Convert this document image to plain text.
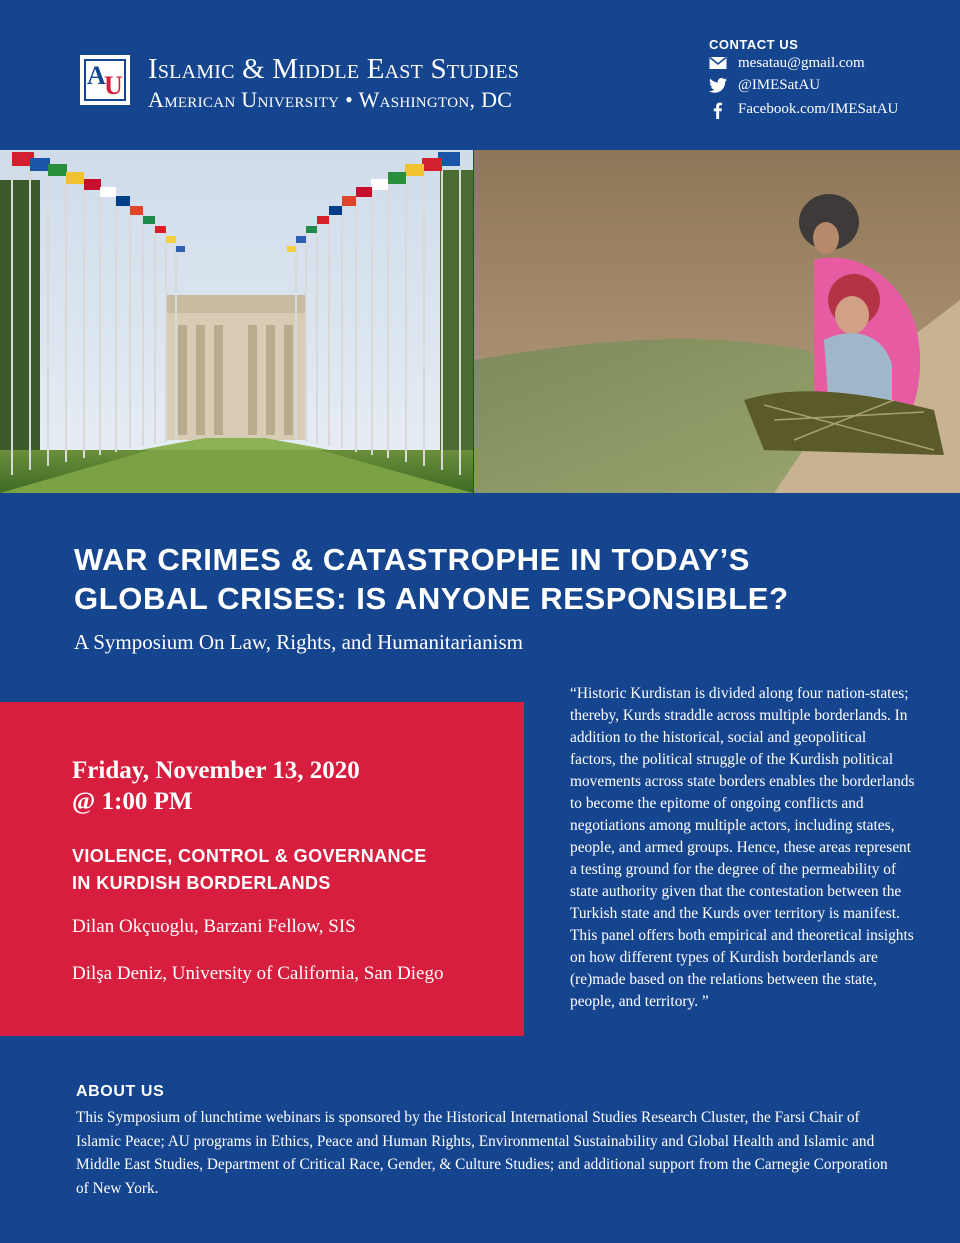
A
U
Islamic & Middle East Studies
American University • Washington, DC
CONTACT US
mesatau@gmail.com
@IMESatAU
Facebook.com/IMESatAU
WAR CRIMES & CATASTROPHE IN TODAY’S
GLOBAL CRISES: IS ANYONE RESPONSIBLE?
A Symposium On Law, Rights, and Humanitarianism
Friday, November 13, 2020
@ 1:00 PM
VIOLENCE, CONTROL & GOVERNANCE
IN KURDISH BORDERLANDS
Dilan Okçuoglu, Barzani Fellow, SIS
Dilşa Deniz, University of California, San Diego
“Historic Kurdistan is divided along four nation-states; thereby, Kurds straddle across multiple borderlands. In addition to the historical, social and geopolitical factors, the political struggle of the Kurdish political movements across state borders enables the borderlands to become the epitome of ongoing conflicts and negotiations among multiple actors, including states, people, and armed groups. Hence, these areas represent a testing ground for the degree of the permeability of state authority given that the contestation between the Turkish state and the Kurds over territory is manifest. This panel offers both empirical and theoretical insights on how different types of Kurdish borderlands are (re)made based on the relations between the state, people, and territory. ”
ABOUT US
This Symposium of lunchtime webinars is sponsored by the Historical International Studies Research Cluster, the Farsi Chair of Islamic Peace; AU programs in Ethics, Peace and Human Rights, Environmental Sustainability and Global Health and Islamic and Middle East Studies, Department of Critical Race, Gender, & Culture Studies; and additional support from the Carnegie Corporation of New York.
